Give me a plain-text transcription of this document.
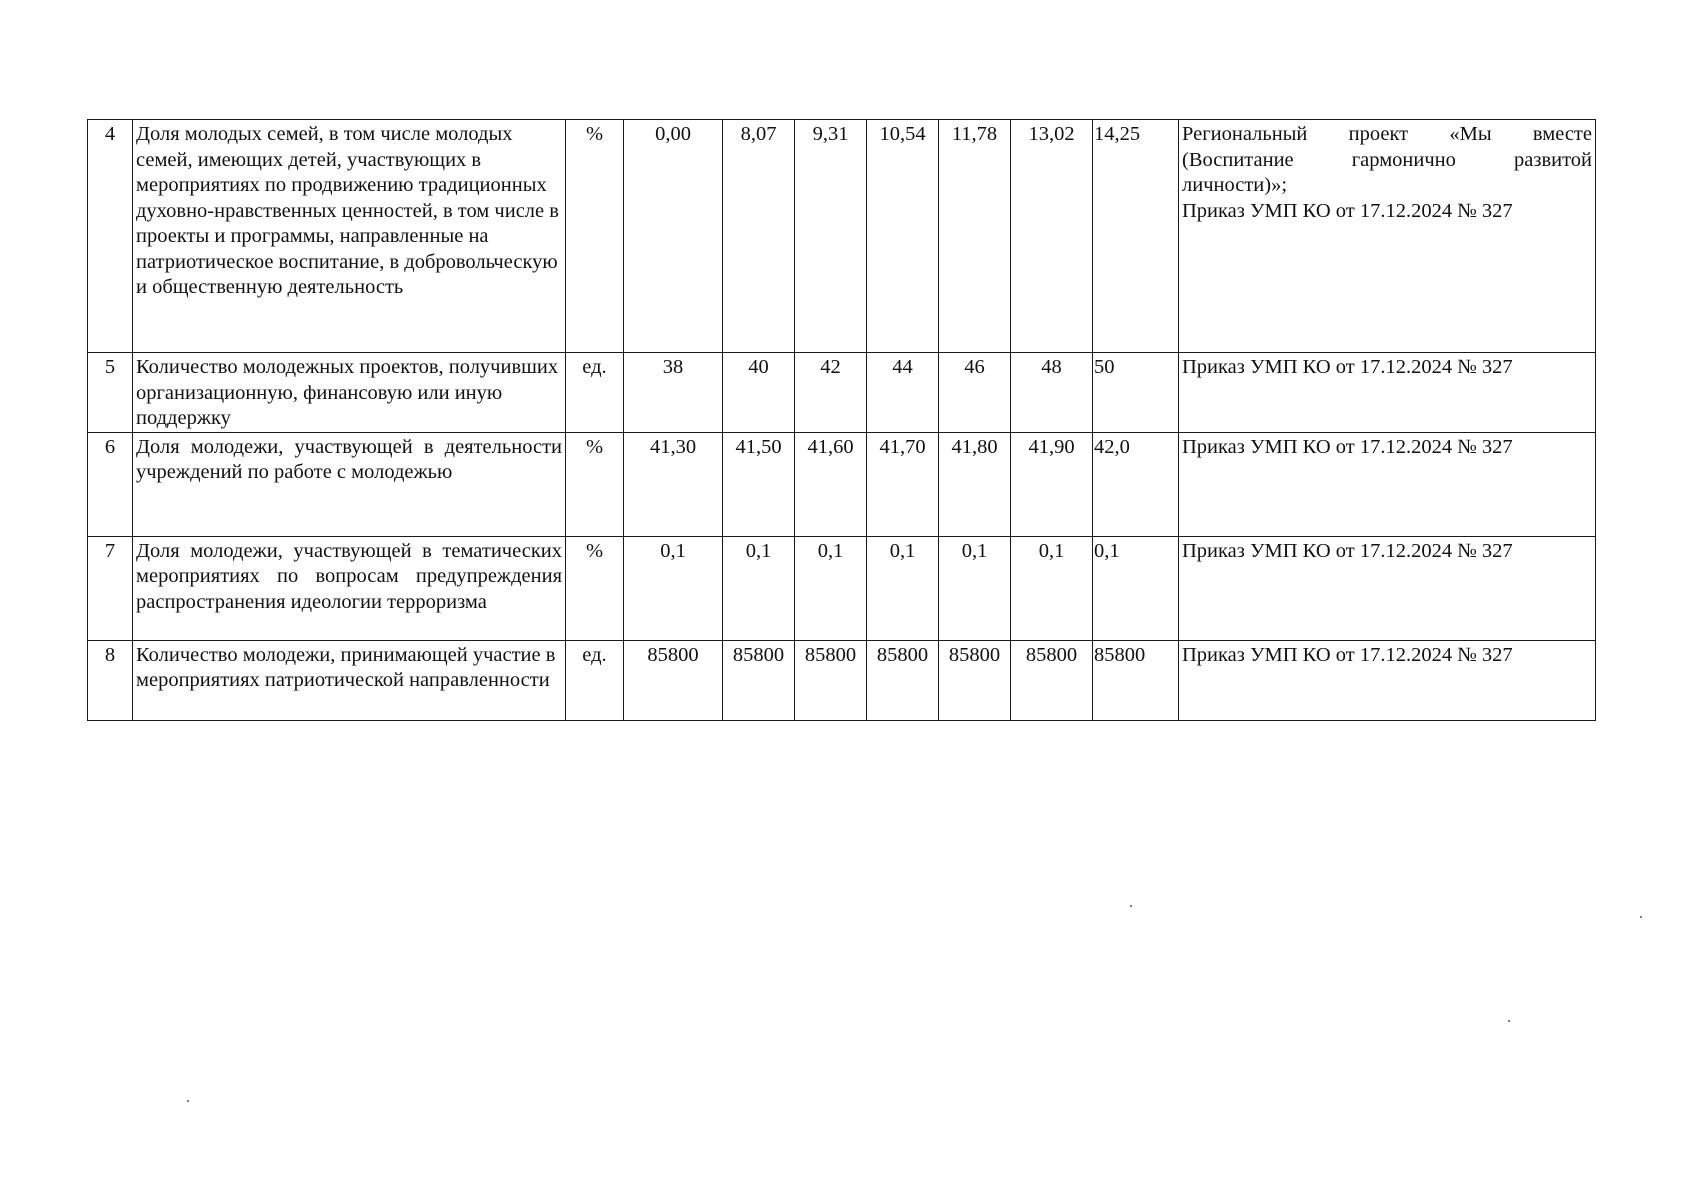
4	Доля молодых семей, в том числе молодых семей, имеющих детей, участвующих в мероприятиях по продвижению традиционных духовно-нравственных ценностей, в том числе в проекты и программы, направленные на патриотическое воспитание, в добровольческую и общественную деятельность	%	0,00	8,07	9,31	10,54	11,78	13,02	14,25	Региональный проект «Мы вместе (Воспитание гармонично развитой личности)»;
Приказ УМП КО от 17.12.2024 № 327

5	Количество молодежных проектов, получивших организационную, финансовую или иную поддержку	ед.	38	40	42	44	46	48	50	Приказ УМП КО от 17.12.2024 № 327
6	Доля молодежи, участвующей в деятельности учреждений по работе с молодежью	%	41,30	41,50	41,60	41,70	41,80	41,90	42,0	Приказ УМП КО от 17.12.2024 № 327
7	Доля молодежи, участвующей в тематических мероприятиях по вопросам предупреждения распространения идеологии терроризма	%	0,1	0,1	0,1	0,1	0,1	0,1	0,1	Приказ УМП КО от 17.12.2024 № 327
8	Количество молодежи, принимающей участие в мероприятиях патриотической направленности	ед.	85800	85800	85800	85800	85800	85800	85800	Приказ УМП КО от 17.12.2024 № 327
